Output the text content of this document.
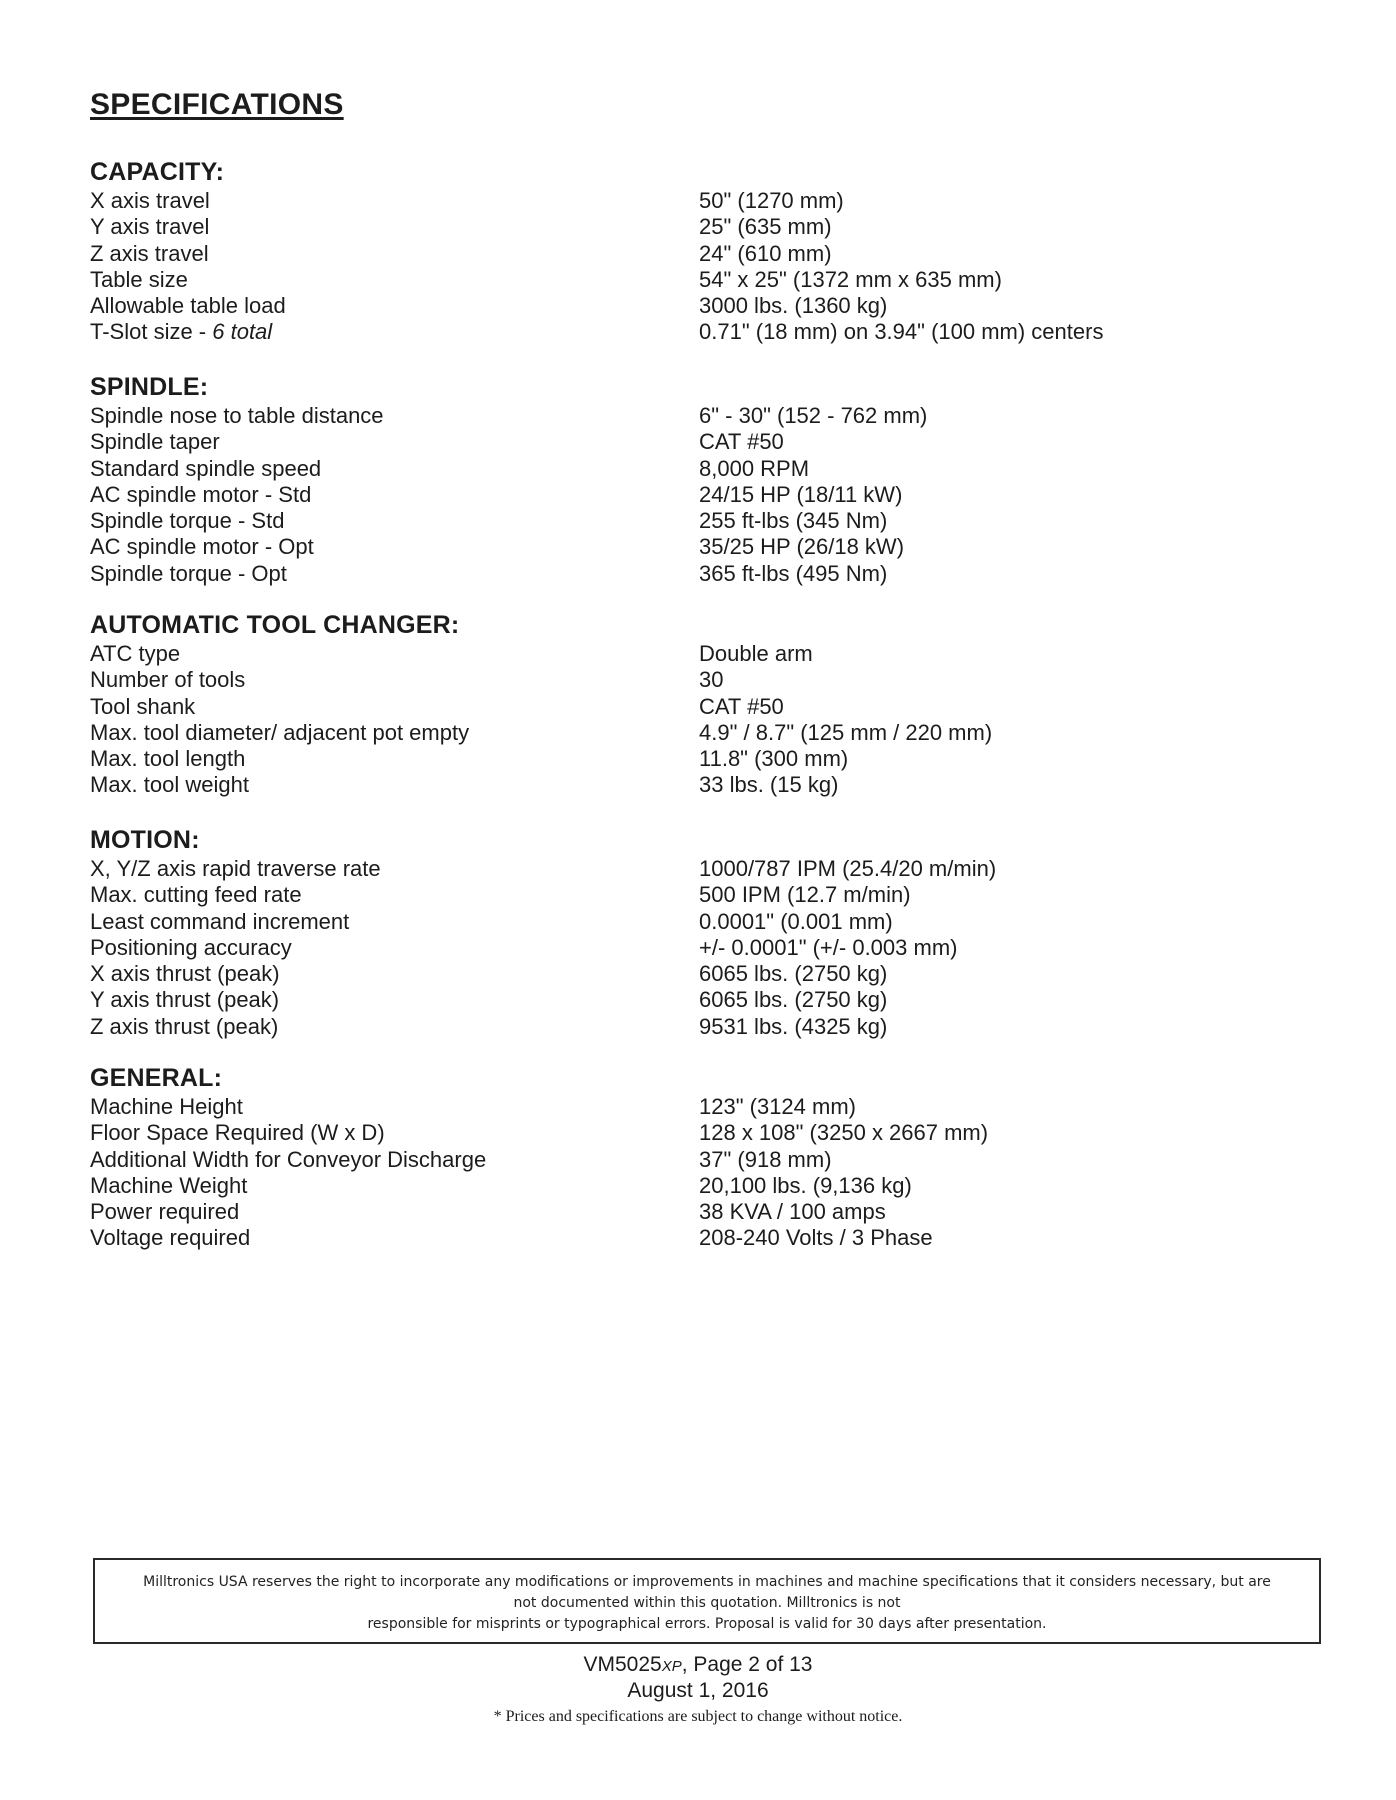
SPECIFICATIONS
CAPACITY:
X axis travel	50" (1270 mm)
Y axis travel	25" (635 mm)
Z axis travel	24" (610 mm)
Table size	54" x 25" (1372 mm x 635 mm)
Allowable table load	3000 lbs. (1360 kg)
T-Slot size - 6 total	0.71" (18 mm) on 3.94" (100 mm) centers
SPINDLE:
Spindle nose to table distance	6" - 30" (152 - 762 mm)
Spindle taper	CAT #50
Standard spindle speed	8,000 RPM
AC spindle motor - Std	24/15 HP (18/11 kW)
Spindle torque - Std	255 ft-lbs (345 Nm)
AC spindle motor - Opt	35/25 HP (26/18 kW)
Spindle torque - Opt	365 ft-lbs (495 Nm)
AUTOMATIC TOOL CHANGER:
ATC type	Double arm
Number of tools	30
Tool shank	CAT #50
Max. tool diameter/ adjacent pot empty	4.9" / 8.7" (125 mm / 220 mm)
Max. tool length	11.8" (300 mm)
Max. tool weight	33 lbs. (15 kg)
MOTION:
X, Y/Z axis rapid traverse rate	1000/787 IPM (25.4/20 m/min)
Max. cutting feed rate	500 IPM (12.7 m/min)
Least command increment	0.0001" (0.001 mm)
Positioning accuracy	+/- 0.0001" (+/- 0.003 mm)
X axis thrust (peak)	6065 lbs. (2750 kg)
Y axis thrust (peak)	6065 lbs. (2750 kg)
Z axis thrust (peak)	9531 lbs. (4325 kg)
GENERAL:
Machine Height	123" (3124 mm)
Floor Space Required (W x D)	128 x 108" (3250 x 2667 mm)
Additional Width for Conveyor Discharge	37" (918 mm)
Machine Weight	20,100 lbs. (9,136 kg)
Power required	38 KVA / 100 amps
Voltage required	208-240 Volts / 3 Phase
Milltronics USA reserves the right to incorporate any modifications or improvements in machines and machine specifications that it considers necessary, but are
not documented within this quotation. Milltronics is not
responsible for misprints or typographical errors. Proposal is valid for 30 days after presentation.
VM5025XP, Page 2 of 13
August 1, 2016
* Prices and specifications are subject to change without notice.
